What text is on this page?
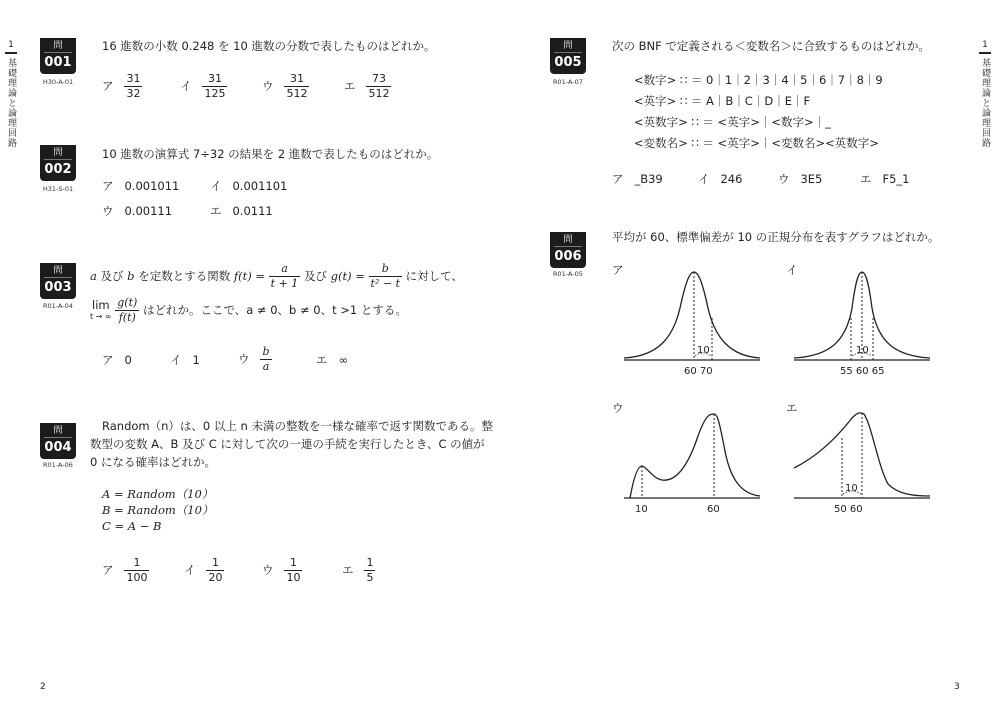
1
基礎理論と論理回路
1
基礎理論と論理回路
2	3
問
001
H30-A-01
16 進数の小数 0.248 を 10 進数の分数で表したものはどれか。
ア $\frac{31}{32}$	イ $\frac{31}{125}$	ウ $\frac{31}{512}$	エ $\frac{73}{512}$
問
002
H31-S-01
10 進数の演算式 7÷32 の結果を 2 進数で表したものはどれか。
ア 0.001011	イ 0.001101
ウ 0.00111	エ 0.0111
問
003
R01-A-04
a 及び b を定数とする関数 $f(t) = \frac{a}{t + 1}$ 及び $g(t) = \frac{b}{\text{t² − t}}$ に対して、
lim
t → ∞
$\frac{g(t)}{f(t)}$ はどれか。ここで、a ≠ 0、b ≠ 0、t >1 とする。
ア 0	イ 1	ウ $\frac{b}{a}$	エ ∞
問
004
R01-A-06
Random（n）は、0 以上 n 未満の整数を一様な確率で返す関数である。整
数型の変数 A、B 及び C に対して次の一連の手続を実行したとき、C の値が
0 になる確率はどれか。
A = Random（10）
B = Random（10）
C = A − B
ア $\frac{1}{100}$	イ $\frac{1}{20}$	ウ $\frac{1}{10}$	エ $\frac{1}{5}$
問
005
R01-A-07
次の BNF で定義される＜変数名＞に合致するものはどれか。
<数字> ∷ ＝ 0｜1｜2｜3｜4｜5｜6｜7｜8｜9
<英字> ∷ ＝ A｜B｜C｜D｜E｜F
<英数字> ∷ ＝ <英字>｜<数字>｜_
<変数名> ∷ ＝ <英字>｜<変数名><英数字>
ア _B39	イ 246	ウ 3E5	エ F5_1
問
006
R01-A-05
平均が 60、標準偏差が 10 の正規分布を表すグラフはどれか。
ア
10
60 70
イ
10
55 60 65
ウ
10	60
エ
10
50 60
